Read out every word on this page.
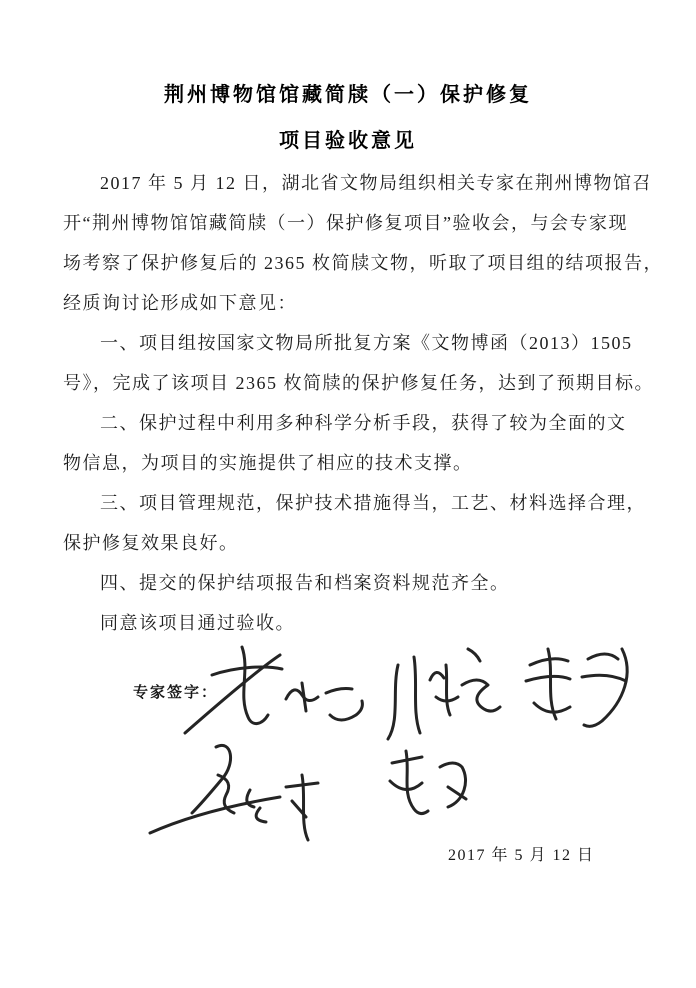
荆州博物馆馆藏简牍（一）保护修复
项目验收意见
2017 年 5 月 12 日，湖北省文物局组织相关专家在荆州博物馆召
开“荆州博物馆馆藏简牍（一）保护修复项目”验收会，与会专家现
场考察了保护修复后的 2365 枚简牍文物，听取了项目组的结项报告，
经质询讨论形成如下意见：
一、项目组按国家文物局所批复方案《文物博函（2013）1505
号》，完成了该项目 2365 枚简牍的保护修复任务，达到了预期目标。
二、保护过程中利用多种科学分析手段，获得了较为全面的文
物信息，为项目的实施提供了相应的技术支撑。
三、项目管理规范，保护技术措施得当，工艺、材料选择合理，
保护修复效果良好。
四、提交的保护结项报告和档案资料规范齐全。
同意该项目通过验收。
专家签字：
2017 年 5 月 12 日
